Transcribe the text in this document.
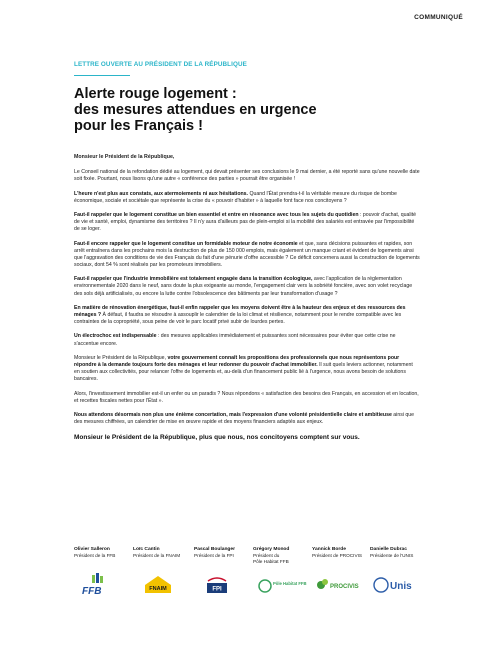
COMMUNIQUÉ
LETTRE OUVERTE AU PRÉSIDENT DE LA RÉPUBLIQUE
Alerte rouge logement :
des mesures attendues en urgence
pour les Français !

Monsieur le Président de la République,

Le Conseil national de la refondation dédié au logement, qui devait présenter ses conclusions le 9 mai dernier, a été reporté sans qu'une nouvelle date soit fixée. Pourtant, nous lisons qu'une autre « conférence des parties » pourrait être organisée !

L'heure n'est plus aux constats, aux atermoiements ni aux hésitations. Quand l'État prendra-t-il la véritable mesure du risque de bombe économique, sociale et sociétale que représente la crise du « pouvoir d'habiter » à laquelle font face nos concitoyens ?

Faut-il rappeler que le logement constitue un bien essentiel et entre en résonance avec tous les sujets du quotidien : pouvoir d'achat, qualité de vie et santé, emploi, dynamisme des territoires ? Il n'y aura d'ailleurs pas de plein-emploi si la mobilité des salariés est entravée par l'impossibilité de se loger.

Faut-il encore rappeler que le logement constitue un formidable moteur de notre économie et que, sans décisions puissantes et rapides, son arrêt entraînera dans les prochains mois la destruction de plus de 150 000 emplois, mais également un manque criant et évident de logements ainsi que l'aggravation des conditions de vie des Français du fait d'une pénurie d'offre accessible ? Ce déficit concernera aussi la construction de logements sociaux, dont 54 % sont réalisés par les promoteurs immobiliers.

Faut-il rappeler que l'industrie immobilière est totalement engagée dans la transition écologique, avec l'application de la réglementation environnementale 2020 dans le neuf, sans doute la plus exigeante au monde, l'engagement clair vers la sobriété foncière, avec son volet recyclage des sols déjà artificialisés, ou encore la lutte contre l'obsolescence des bâtiments par leur transformation d'usage ?

En matière de rénovation énergétique, faut-il enfin rappeler que les moyens doivent être à la hauteur des enjeux et des ressources des ménages ? À défaut, il faudra se résoudre à assouplir le calendrier de la loi climat et résilience, notamment pour le rendre compatible avec les contraintes de la copropriété, sous peine de voir le parc locatif privé subir de lourdes pertes.

Un électrochoc est indispensable : des mesures applicables immédiatement et puissantes sont nécessaires pour éviter que cette crise ne s'accentue encore.

Monsieur le Président de la République, votre gouvernement connaît les propositions des professionnels que nous représentons pour répondre à la demande toujours forte des ménages et leur redonner du pouvoir d'achat immobilier. Il suit quels leviers actionner, notamment en soutien aux collectivités, pour relancer l'offre de logements et, au-delà d'un financement public lié à l'urgence, nous avons besoin de solutions bancaires.

Alors, l'investissement immobilier est-il un enfer ou un paradis ? Nous répondons « satisfaction des besoins des Français, en accession et en location, et recettes fiscales nettes pour l'État ».

Nous attendons désormais non plus une énième concertation, mais l'expression d'une volonté présidentielle claire et ambitieuse ainsi que des mesures chiffrées, un calendrier de mise en œuvre rapide et des moyens financiers adaptés aux enjeux.

Monsieur le Président de la République, plus que nous, nos concitoyens comptent sur vous.

Olivier Salleron
Président de la FFB
FFB
Loïc Cantin
Président de la FNAIM
FNAIM
Pascal Boulanger
Président de la FPI
FPI
Grégory Monod
Président du
Pôle Habitat FFB
Pôle Habitat FFB
Yannick Borde
Président de PROCIVIS
PROCIVIS
Danielle Dubrac
Présidente de l'UNIS
Unis
